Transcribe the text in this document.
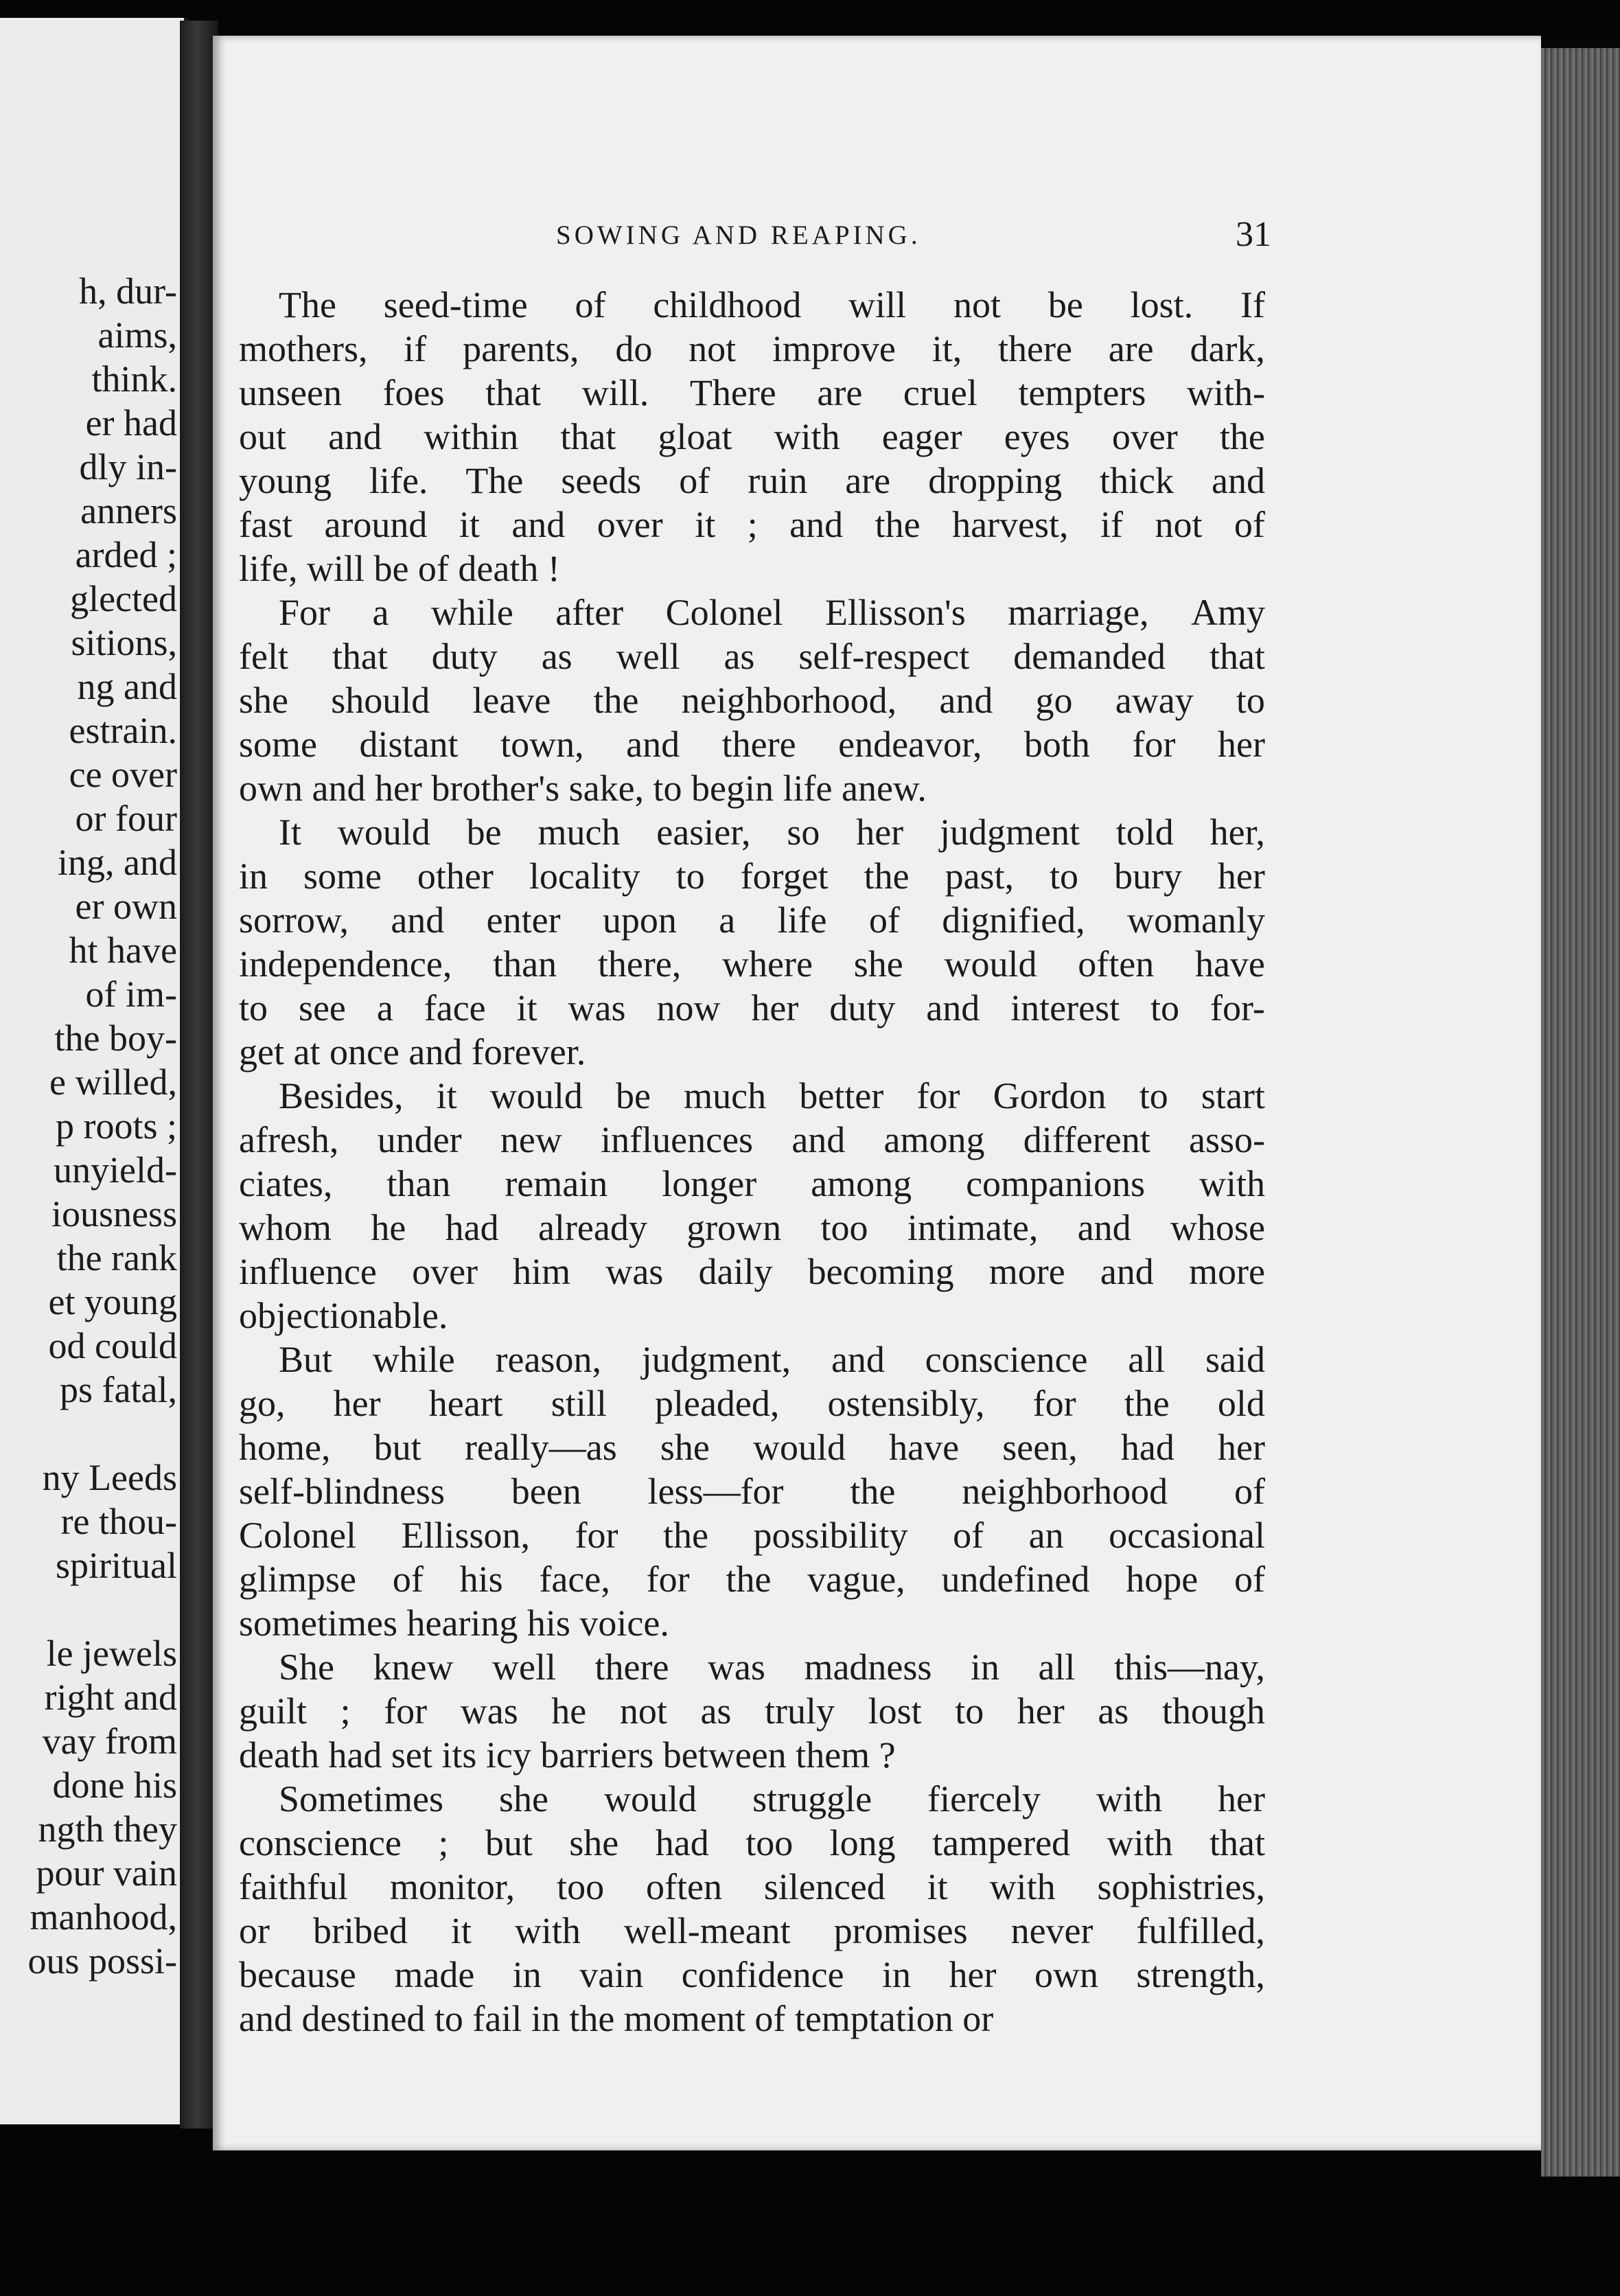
h, dur-
aims,
think.
er had
dly in-
anners
arded ;
glected
sitions,
ng and
estrain.
ce over
or four
ing, and
er own
ht have
of im-
the boy-
e willed,
p roots ;
unyield-
iousness
the rank
et young
od could
ps fatal,
ny Leeds
re thou-
spiritual
le jewels
right and
vay from
done his
ngth they
pour vain
manhood,
ous possi-
SOWING AND REAPING.	31
The seed-time of childhood will not be lost. If
mothers, if parents, do not improve it, there are dark,
unseen foes that will. There are cruel tempters with-
out and within that gloat with eager eyes over the
young life. The seeds of ruin are dropping thick and
fast around it and over it ; and the harvest, if not of
life, will be of death !
For a while after Colonel Ellisson's marriage, Amy
felt that duty as well as self-respect demanded that
she should leave the neighborhood, and go away to
some distant town, and there endeavor, both for her
own and her brother's sake, to begin life anew.
It would be much easier, so her judgment told her,
in some other locality to forget the past, to bury her
sorrow, and enter upon a life of dignified, womanly
independence, than there, where she would often have
to see a face it was now her duty and interest to for-
get at once and forever.
Besides, it would be much better for Gordon to start
afresh, under new influences and among different asso-
ciates, than remain longer among companions with
whom he had already grown too intimate, and whose
influence over him was daily becoming more and more
objectionable.
But while reason, judgment, and conscience all said
go, her heart still pleaded, ostensibly, for the old
home, but really—as she would have seen, had her
self-blindness been less—for the neighborhood of
Colonel Ellisson, for the possibility of an occasional
glimpse of his face, for the vague, undefined hope of
sometimes hearing his voice.
She knew well there was madness in all this—nay,
guilt ; for was he not as truly lost to her as though
death had set its icy barriers between them ?
Sometimes she would struggle fiercely with her
conscience ; but she had too long tampered with that
faithful monitor, too often silenced it with sophistries,
or bribed it with well-meant promises never fulfilled,
because made in vain confidence in her own strength,
and destined to fail in the moment of temptation or
